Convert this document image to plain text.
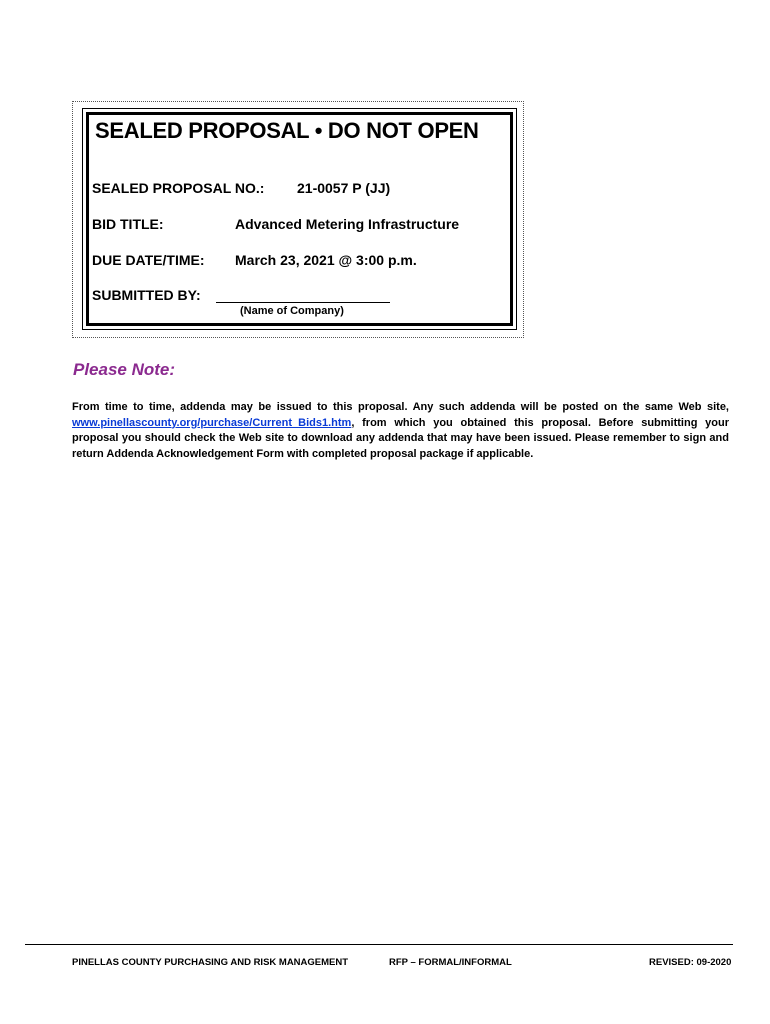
SEALED PROPOSAL • DO NOT OPEN
SEALED PROPOSAL NO.: 21-0057 P (JJ)
BID TITLE:	Advanced Metering Infrastructure
DUE DATE/TIME: March 23, 2021 @ 3:00 p.m.
SUBMITTED BY:
(Name of Company)
Please Note:
From time to time, addenda may be issued to this proposal. Any such addenda will be posted on the same Web site, www.pinellascounty.org/purchase/Current_Bids1.htm, from which you obtained this proposal. Before submitting your proposal you should check the Web site to download any addenda that may have been issued. Please remember to sign and return Addenda Acknowledgement Form with completed proposal package if applicable.
PINELLAS COUNTY PURCHASING AND RISK MANAGEMENT	RFP – FORMAL/INFORMAL	REVISED: 09-2020
